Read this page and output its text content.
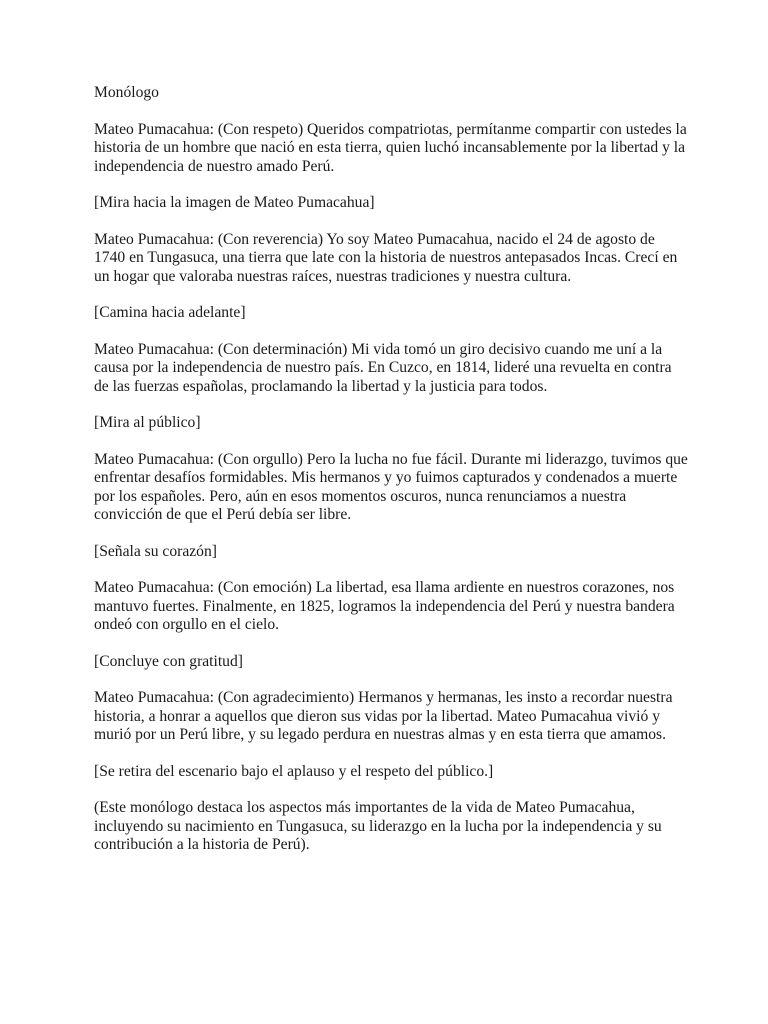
Monólogo

Mateo Pumacahua: (Con respeto) Queridos compatriotas, permítanme compartir con ustedes la historia de un hombre que nació en esta tierra, quien luchó incansablemente por la libertad y la independencia de nuestro amado Perú.

[Mira hacia la imagen de Mateo Pumacahua]

Mateo Pumacahua: (Con reverencia) Yo soy Mateo Pumacahua, nacido el 24 de agosto de 1740 en Tungasuca, una tierra que late con la historia de nuestros antepasados Incas. Crecí en un hogar que valoraba nuestras raíces, nuestras tradiciones y nuestra cultura.

[Camina hacia adelante]

Mateo Pumacahua: (Con determinación) Mi vida tomó un giro decisivo cuando me uní a la causa por la independencia de nuestro país. En Cuzco, en 1814, lideré una revuelta en contra de las fuerzas españolas, proclamando la libertad y la justicia para todos.

[Mira al público]

Mateo Pumacahua: (Con orgullo) Pero la lucha no fue fácil. Durante mi liderazgo, tuvimos que enfrentar desafíos formidables. Mis hermanos y yo fuimos capturados y condenados a muerte por los españoles. Pero, aún en esos momentos oscuros, nunca renunciamos a nuestra convicción de que el Perú debía ser libre.

[Señala su corazón]

Mateo Pumacahua: (Con emoción) La libertad, esa llama ardiente en nuestros corazones, nos mantuvo fuertes. Finalmente, en 1825, logramos la independencia del Perú y nuestra bandera ondeó con orgullo en el cielo.

[Concluye con gratitud]

Mateo Pumacahua: (Con agradecimiento) Hermanos y hermanas, les insto a recordar nuestra historia, a honrar a aquellos que dieron sus vidas por la libertad. Mateo Pumacahua vivió y murió por un Perú libre, y su legado perdura en nuestras almas y en esta tierra que amamos.

[Se retira del escenario bajo el aplauso y el respeto del público.]

(Este monólogo destaca los aspectos más importantes de la vida de Mateo Pumacahua, incluyendo su nacimiento en Tungasuca, su liderazgo en la lucha por la independencia y su contribución a la historia de Perú).
